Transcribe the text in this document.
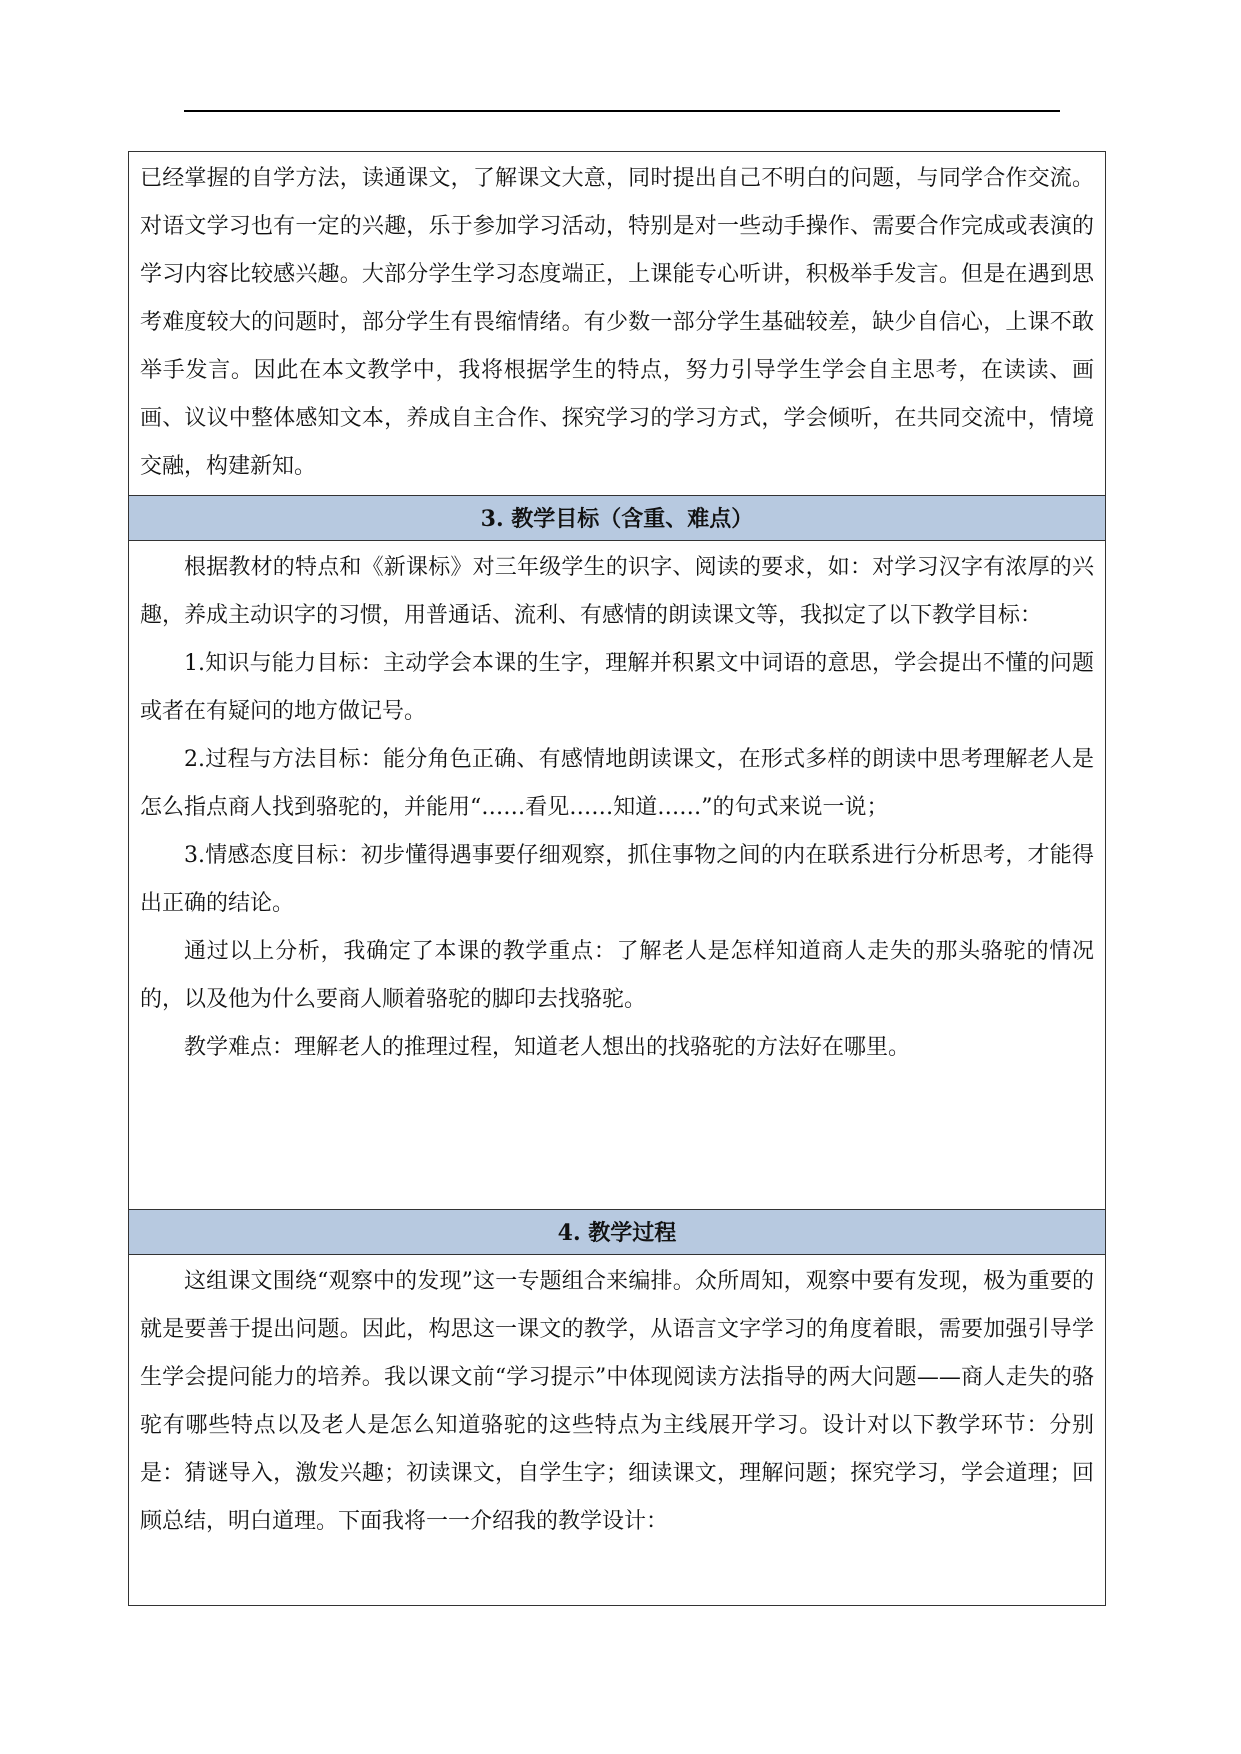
已经掌握的自学方法，读通课文，了解课文大意，同时提出自己不明白的问题，与同学合作交流。对语文学习也有一定的兴趣，乐于参加学习活动，特别是对一些动手操作、需要合作完成或表演的学习内容比较感兴趣。大部分学生学习态度端正，上课能专心听讲，积极举手发言。但是在遇到思考难度较大的问题时，部分学生有畏缩情绪。有少数一部分学生基础较差，缺少自信心，上课不敢举手发言。因此在本文教学中，我将根据学生的特点，努力引导学生学会自主思考，在读读、画画、议议中整体感知文本，养成自主合作、探究学习的学习方式，学会倾听，在共同交流中，情境交融，构建新知。

3. 教学目标（含重、难点）

根据教材的特点和《新课标》对三年级学生的识字、阅读的要求，如：对学习汉字有浓厚的兴趣，养成主动识字的习惯，用普通话、流利、有感情的朗读课文等，我拟定了以下教学目标：

1.知识与能力目标：主动学会本课的生字，理解并积累文中词语的意思，学会提出不懂的问题或者在有疑问的地方做记号。

2.过程与方法目标：能分角色正确、有感情地朗读课文，在形式多样的朗读中思考理解老人是怎么指点商人找到骆驼的，并能用“……看见……知道……”的句式来说一说；

3.情感态度目标：初步懂得遇事要仔细观察，抓住事物之间的内在联系进行分析思考，才能得出正确的结论。

通过以上分析，我确定了本课的教学重点：了解老人是怎样知道商人走失的那头骆驼的情况的，以及他为什么要商人顺着骆驼的脚印去找骆驼。

教学难点：理解老人的推理过程，知道老人想出的找骆驼的方法好在哪里。

4. 教学过程

这组课文围绕“观察中的发现”这一专题组合来编排。众所周知，观察中要有发现，极为重要的就是要善于提出问题。因此，构思这一课文的教学，从语言文字学习的角度着眼，需要加强引导学生学会提问能力的培养。我以课文前“学习提示”中体现阅读方法指导的两大问题——商人走失的骆驼有哪些特点以及老人是怎么知道骆驼的这些特点为主线展开学习。设计对以下教学环节：分别是：猜谜导入，激发兴趣；初读课文，自学生字；细读课文，理解问题；探究学习，学会道理；回顾总结，明白道理。下面我将一一介绍我的教学设计：
